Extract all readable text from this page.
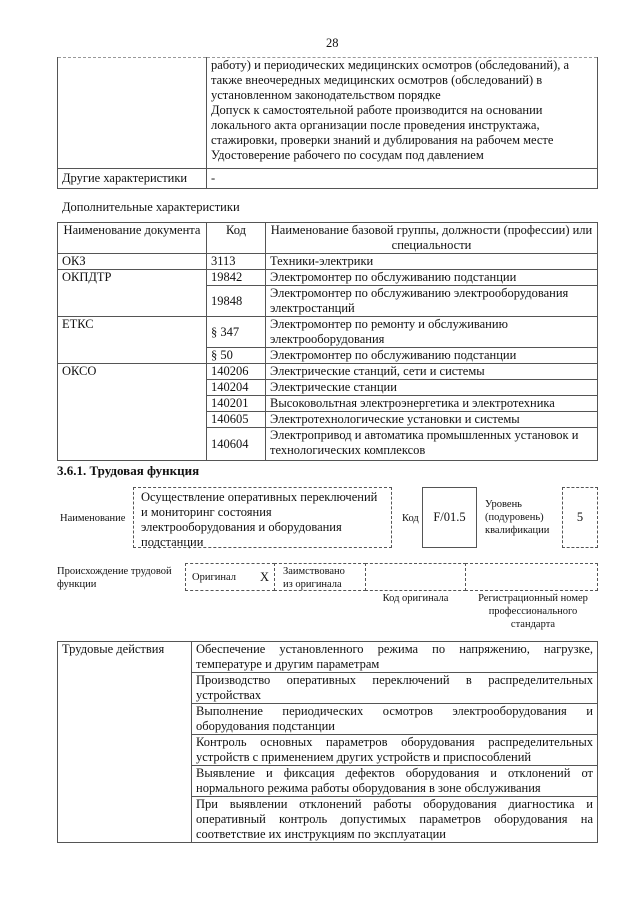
28

	работу) и периодических медицинских осмотров (обследований), а также внеочередных медицинских осмотров (обследований) в установленном законодательством порядке
Допуск к самостоятельной работе производится на основании локального акта организации после проведения инструктажа, стажировки, проверки знаний и дублирования на рабочем месте
Удостоверение рабочего по сосудам под давлением

Другие характеристики	-
Дополнительные характеристики
Наименование документа	Код	Наименование базовой группы, должности (профессии) или специальности
ОКЗ	3113	Техники-электрики
ОКПДТР	19842	Электромонтер по обслуживанию подстанции
	19848	Электромонтер по обслуживанию электрооборудования электростанций
ЕТКС	§ 347	Электромонтер по ремонту и обслуживанию электрооборудования
	§ 50	Электромонтер по обслуживанию подстанции
ОКСО	140206	Электрические станций, сети и системы
	140204	Электрические станции
	140201	Высоковольтная электроэнергетика и электротехника
	140605	Электротехнологические установки и системы
	140604	Электропривод и автоматика промышленных установок и технологических комплексов
3.6.1. Трудовая функция
Наименование
Осуществление оперативных переключений и мониторинг состояния электрооборудования и оборудования подстанции
Код	F/01.5
Уровень (подуровень) квалификации
5
Происхождение трудовой функции
Оригинал X	Заимствовано из оригинала
Код оригинала	Регистрационный номер профессионального стандарта
Трудовые действия	Обеспечение установленного режима по напряжению, нагрузке, температуре и другим параметрам
Производство оперативных переключений в распределительных устройствах
Выполнение периодических осмотров электрооборудования и оборудования подстанции
Контроль основных параметров оборудования распределительных устройств с применением других устройств и приспособлений
Выявление и фиксация дефектов оборудования и отклонений от нормального режима работы оборудования в зоне обслуживания
При выявлении отклонений работы оборудования диагностика и оперативный контроль допустимых параметров оборудования на соответствие их инструкциям по эксплуатации
